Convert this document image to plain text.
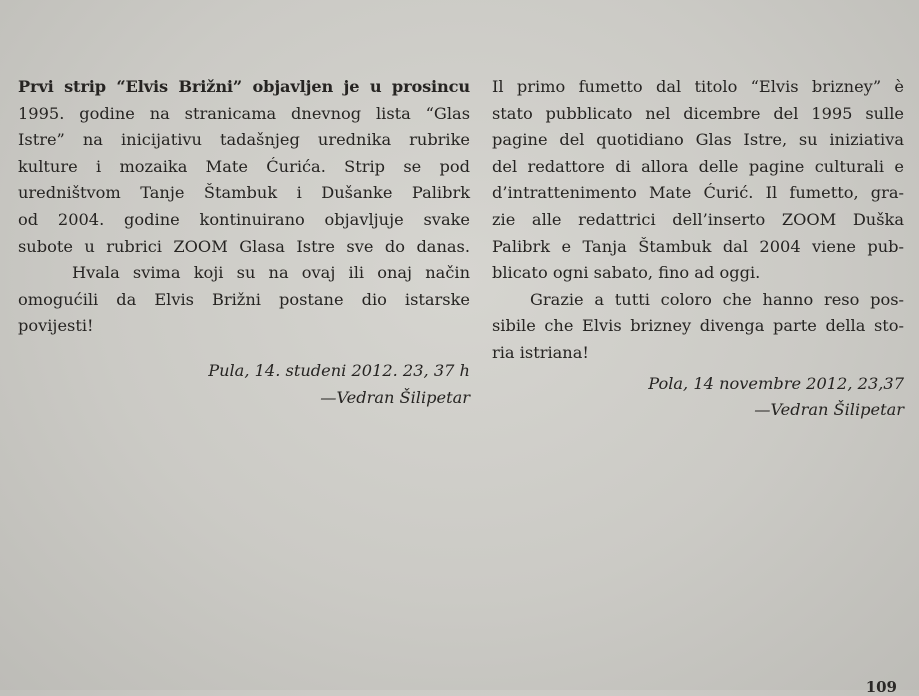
Prvi strip “Elvis Brižni” objavljen je u prosincu
1995. godine na stranicama dnevnog lista “Glas
Istre” na inicijativu tadašnjeg urednika rubrike
kulture i mozaika Mate Ćurića. Strip se pod
uredništvom Tanje Štambuk i Dušanke Palibrk
od 2004. godine kontinuirano objavljuje svake
subote u rubrici ZOOM Glasa Istre sve do danas.
Hvala svima koji su na ovaj ili onaj način
omogućili da Elvis Brižni postane dio istarske
povijesti!
Pula, 14. studeni 2012. 23, 37 h
—Vedran Šilipetar
Il primo fumetto dal titolo “Elvis brizney” è
stato pubblicato nel dicembre del 1995 sulle
pagine del quotidiano Glas Istre, su iniziativa
del redattore di allora delle pagine culturali e
d’intrattenimento Mate Ćurić. Il fumetto, gra-
zie alle redattrici dell’inserto ZOOM Duška
Palibrk e Tanja Štambuk dal 2004 viene pub-
blicato ogni sabato, fino ad oggi.
Grazie a tutti coloro che hanno reso pos-
sibile che Elvis brizney divenga parte della sto-
ria istriana!
Pola, 14 novembre 2012, 23,37
—Vedran Šilipetar
109
